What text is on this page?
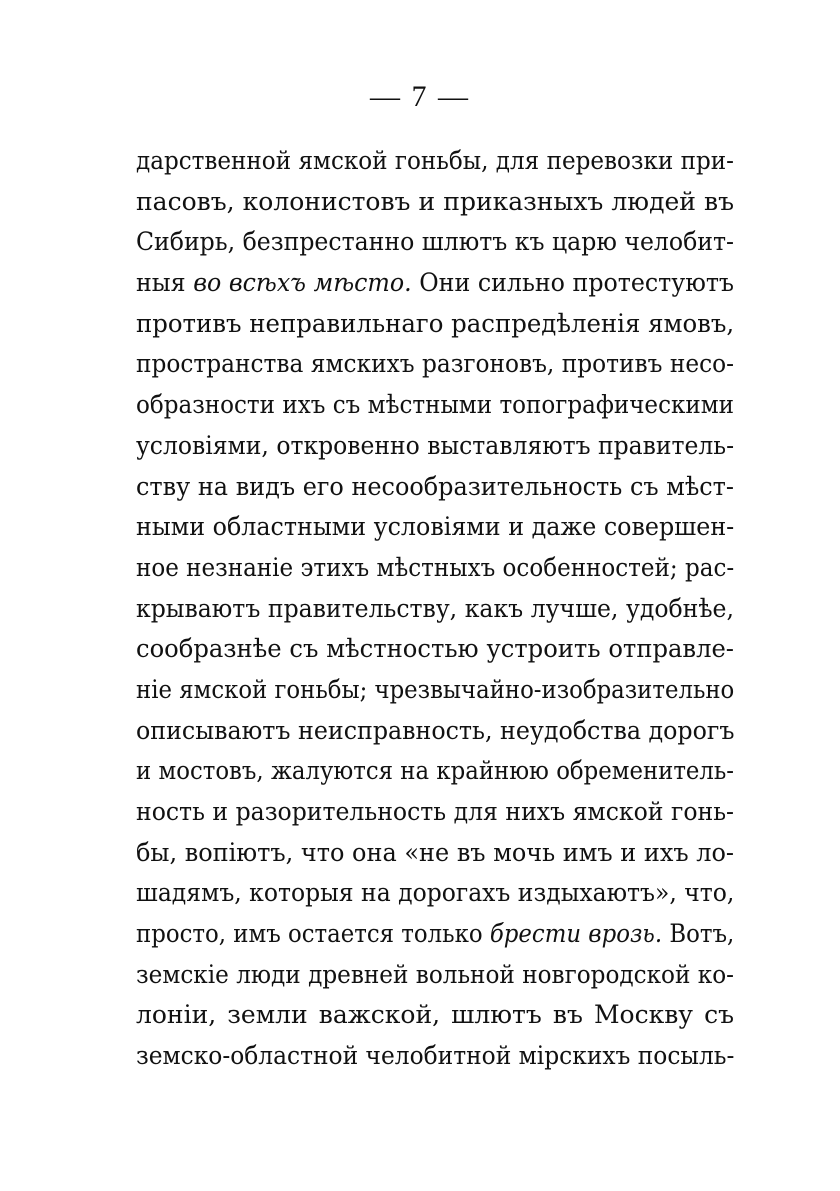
— 7 —
дарственной ямской гоньбы, для перевозки при-
пасовъ, колонистовъ и приказныхъ людей въ
Сибирь, безпрестанно шлютъ къ царю челобит-
ныя во всѣхъ мѣсто. Они сильно протестуютъ
противъ неправильнаго распредѣленія ямовъ,
пространства ямскихъ разгоновъ, противъ несо-
образности ихъ съ мѣстными топографическими
условіями, откровенно выставляютъ правитель-
ству на видъ его несообразительность съ мѣст-
ными областными условіями и даже совершен-
ное незнаніе этихъ мѣстныхъ особенностей; рас-
крываютъ правительству, какъ лучше, удобнѣе,
сообразнѣе съ мѣстностью устроить отправле-
ніе ямской гоньбы; чрезвычайно-изобразительно
описываютъ неисправность, неудобства дорогъ
и мостовъ, жалуются на крайнюю обременитель-
ность и разорительность для нихъ ямской гонь-
бы, вопіютъ, что она «не въ мочь имъ и ихъ ло-
шадямъ, которыя на дорогахъ издыхаютъ», что,
просто, имъ остается только брести врозь. Вотъ,
земскіе люди древней вольной новгородской ко-
лоніи, земли важской, шлютъ въ Москву съ
земско-областной челобитной мірскихъ посыль-
